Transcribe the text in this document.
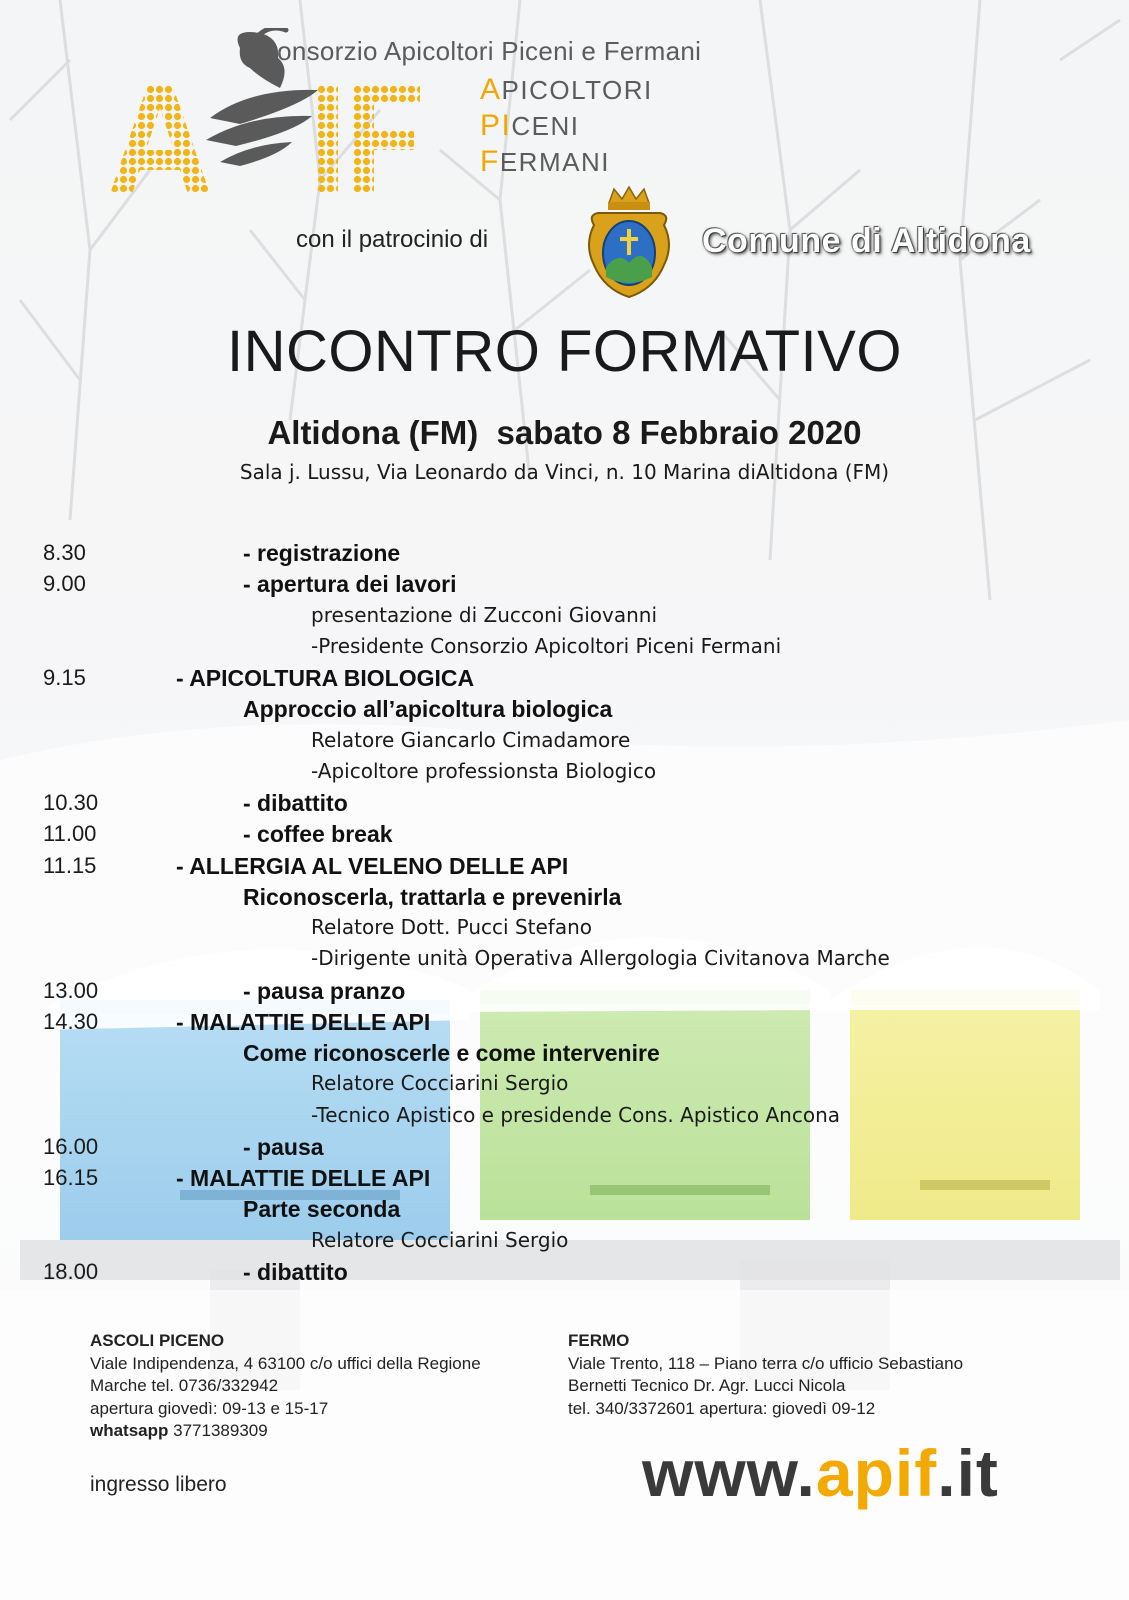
Consorzio Apicoltori Piceni e Fermani
APICOLTORI
PICENI
FERMANI
con il patrocinio di	Comune di Altidona
INCONTRO FORMATIVO
Altidona (FM)  sabato 8 Febbraio 2020
Sala j. Lussu, Via Leonardo da Vinci, n. 10 Marina diAltidona (FM)
8.30	- registrazione
9.00	- apertura dei lavori
presentazione di Zucconi Giovanni
-Presidente Consorzio Apicoltori Piceni Fermani
9.15	- APICOLTURA BIOLOGICA
Approccio all’apicoltura biologica
Relatore Giancarlo Cimadamore
-Apicoltore professionsta Biologico
10.30	- dibattito
11.00	- coffee break
11.15	- ALLERGIA AL VELENO DELLE API
Riconoscerla, trattarla e prevenirla
Relatore Dott. Pucci Stefano
-Dirigente unità Operativa Allergologia Civitanova Marche
13.00	- pausa pranzo
14.30	- MALATTIE DELLE API
Come riconoscerle e come intervenire
Relatore Cocciarini Sergio
-Tecnico Apistico e presidende Cons. Apistico Ancona
16.00	- pausa
16.15	- MALATTIE DELLE API
Parte seconda
Relatore Cocciarini Sergio
18.00	- dibattito
ASCOLI PICENO
Viale Indipendenza, 4 63100 c/o uffici della Regione
Marche tel. 0736/332942
apertura giovedì: 09-13 e 15-17
whatsapp 3771389309
FERMO
Viale Trento, 118 – Piano terra c/o ufficio Sebastiano
Bernetti Tecnico Dr. Agr. Lucci Nicola
tel. 340/3372601 apertura: giovedì 09-12
ingresso libero	www.apif.it
